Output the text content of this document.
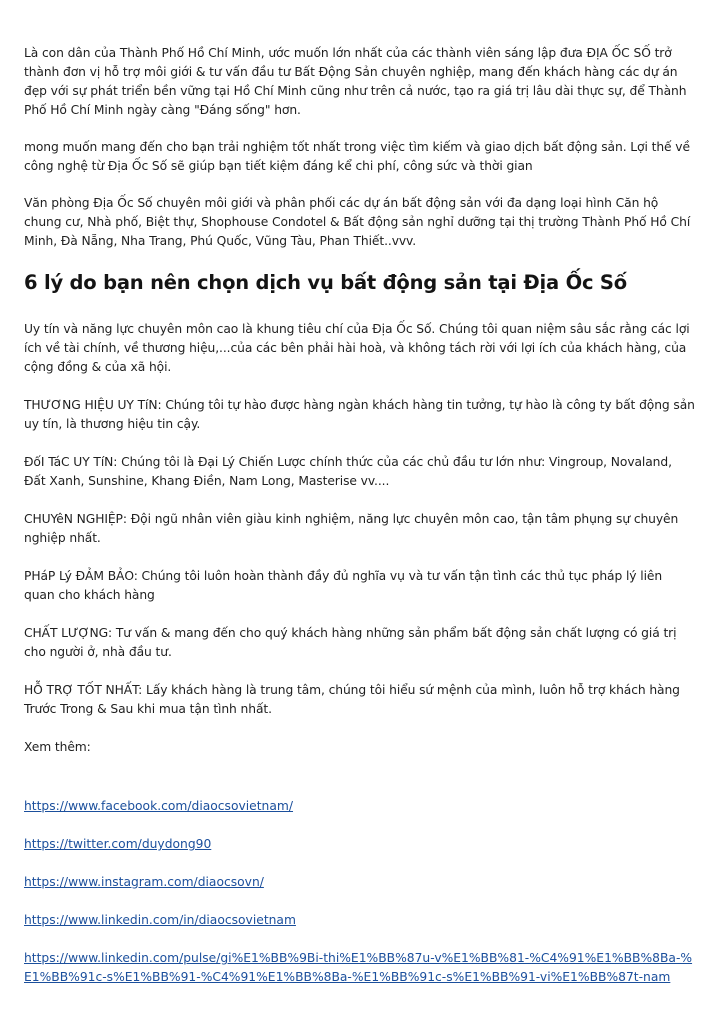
Là con dân của Thành Phố Hồ Chí Minh, ước muốn lớn nhất của các thành viên sáng lập đưa ĐỊA ỐC SỐ trở thành đơn vị hỗ trợ môi giới & tư vấn đầu tư Bất Động Sản chuyên nghiệp, mang đến khách hàng các dự án đẹp với sự phát triển bền vững tại Hồ Chí Minh cũng như trên cả nước, tạo ra giá trị lâu dài thực sự, để Thành Phố Hồ Chí Minh ngày càng "Đáng sống" hơn.

mong muốn mang đến cho bạn trải nghiệm tốt nhất trong việc tìm kiếm và giao dịch bất động sản. Lợi thế về công nghệ từ Địa Ốc Số sẽ giúp bạn tiết kiệm đáng kể chi phí, công sức và thời gian

Văn phòng Địa Ốc Số chuyên môi giới và phân phối các dự án bất động sản với đa dạng loại hình Căn hộ chung cư, Nhà phố, Biệt thự, Shophouse Condotel & Bất động sản nghỉ dưỡng tại thị trường Thành Phố Hồ Chí Minh, Đà Nẵng, Nha Trang, Phú Quốc, Vũng Tàu, Phan Thiết..vvv.

6 lý do bạn nên chọn dịch vụ bất động sản tại Địa Ốc Số

Uy tín và năng lực chuyên môn cao là khung tiêu chí của Địa Ốc Số. Chúng tôi quan niệm sâu sắc rằng các lợi ích về tài chính, về thương hiệu,...của các bên phải hài hoà, và không tách rời với lợi ích của khách hàng, của cộng đồng & của xã hội.

THƯƠNG HIỆU UY TíN: Chúng tôi tự hào được hàng ngàn khách hàng tin tưởng, tự hào là công ty bất động sản uy tín, là thương hiệu tin cậy.

ĐốI TáC UY TíN: Chúng tôi là Đại Lý Chiến Lược chính thức của các chủ đầu tư lớn như: Vingroup, Novaland, Đất Xanh, Sunshine, Khang Điền, Nam Long, Masterise vv....

CHUYêN NGHIỆP: Đội ngũ nhân viên giàu kinh nghiệm, năng lực chuyên môn cao, tận tâm phụng sự chuyên nghiệp nhất.

PHáP Lý ĐẢM BẢO: Chúng tôi luôn hoàn thành đầy đủ nghĩa vụ và tư vấn tận tình các thủ tục pháp lý liên quan cho khách hàng

CHẤT LƯỢNG: Tư vấn & mang đến cho quý khách hàng những sản phẩm bất động sản chất lượng có giá trị cho người ở, nhà đầu tư.

HỖ TRỢ TỐT NHẤT: Lấy khách hàng là trung tâm, chúng tôi hiểu sứ mệnh của mình, luôn hỗ trợ khách hàng Trước Trong & Sau khi mua tận tình nhất.

Xem thêm:

https://www.facebook.com/diaocsovietnam/
https://twitter.com/duydong90
https://www.instagram.com/diaocsovn/
https://www.linkedin.com/in/diaocsovietnam
https://www.linkedin.com/pulse/gi%E1%BB%9Bi-thi%E1%BB%87u-v%E1%BB%81-%C4%91%E1%BB%8Ba-%E1%BB%91c-s%E1%BB%91-%C4%91%E1%BB%8Ba-%E1%BB%91c-s%E1%BB%91-vi%E1%BB%87t-nam
